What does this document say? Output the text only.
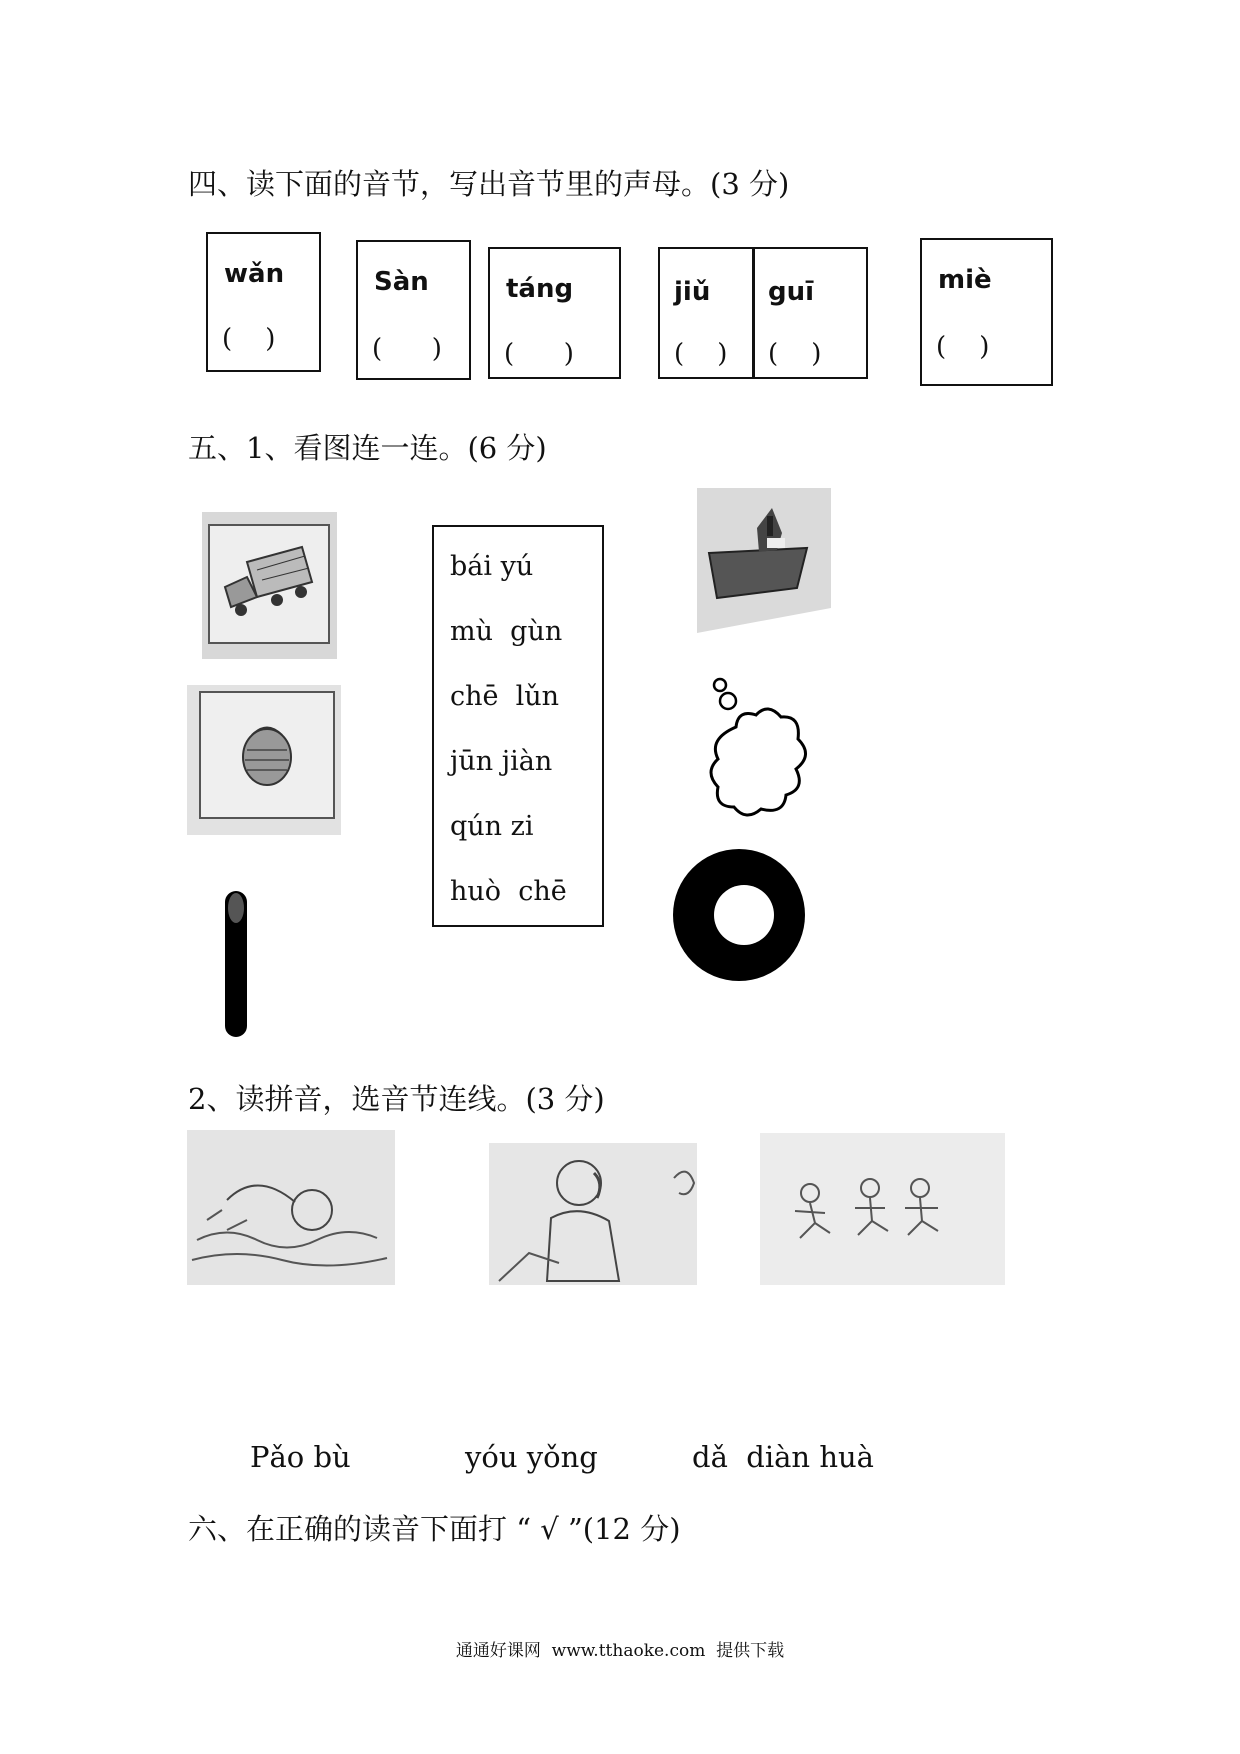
四、读下面的音节，写出音节里的声母。(3 分)
wǎn
(    )
Sàn
(      )
táng
(      )
jiǔ
(    )
guī
(    )
miè
(    )
五、1、看图连一连。(6 分)
bái yú
mù  gùn
chē  lǔn
jūn jiàn
qún zi
huò  chē
2、读拼音，选音节连线。(3 分)
Pǎo bù	yóu yǒng	dǎ  diàn huà
六、在正确的读音下面打 “ √ ”(12 分)
通通好课网  www.tthaoke.com  提供下载
